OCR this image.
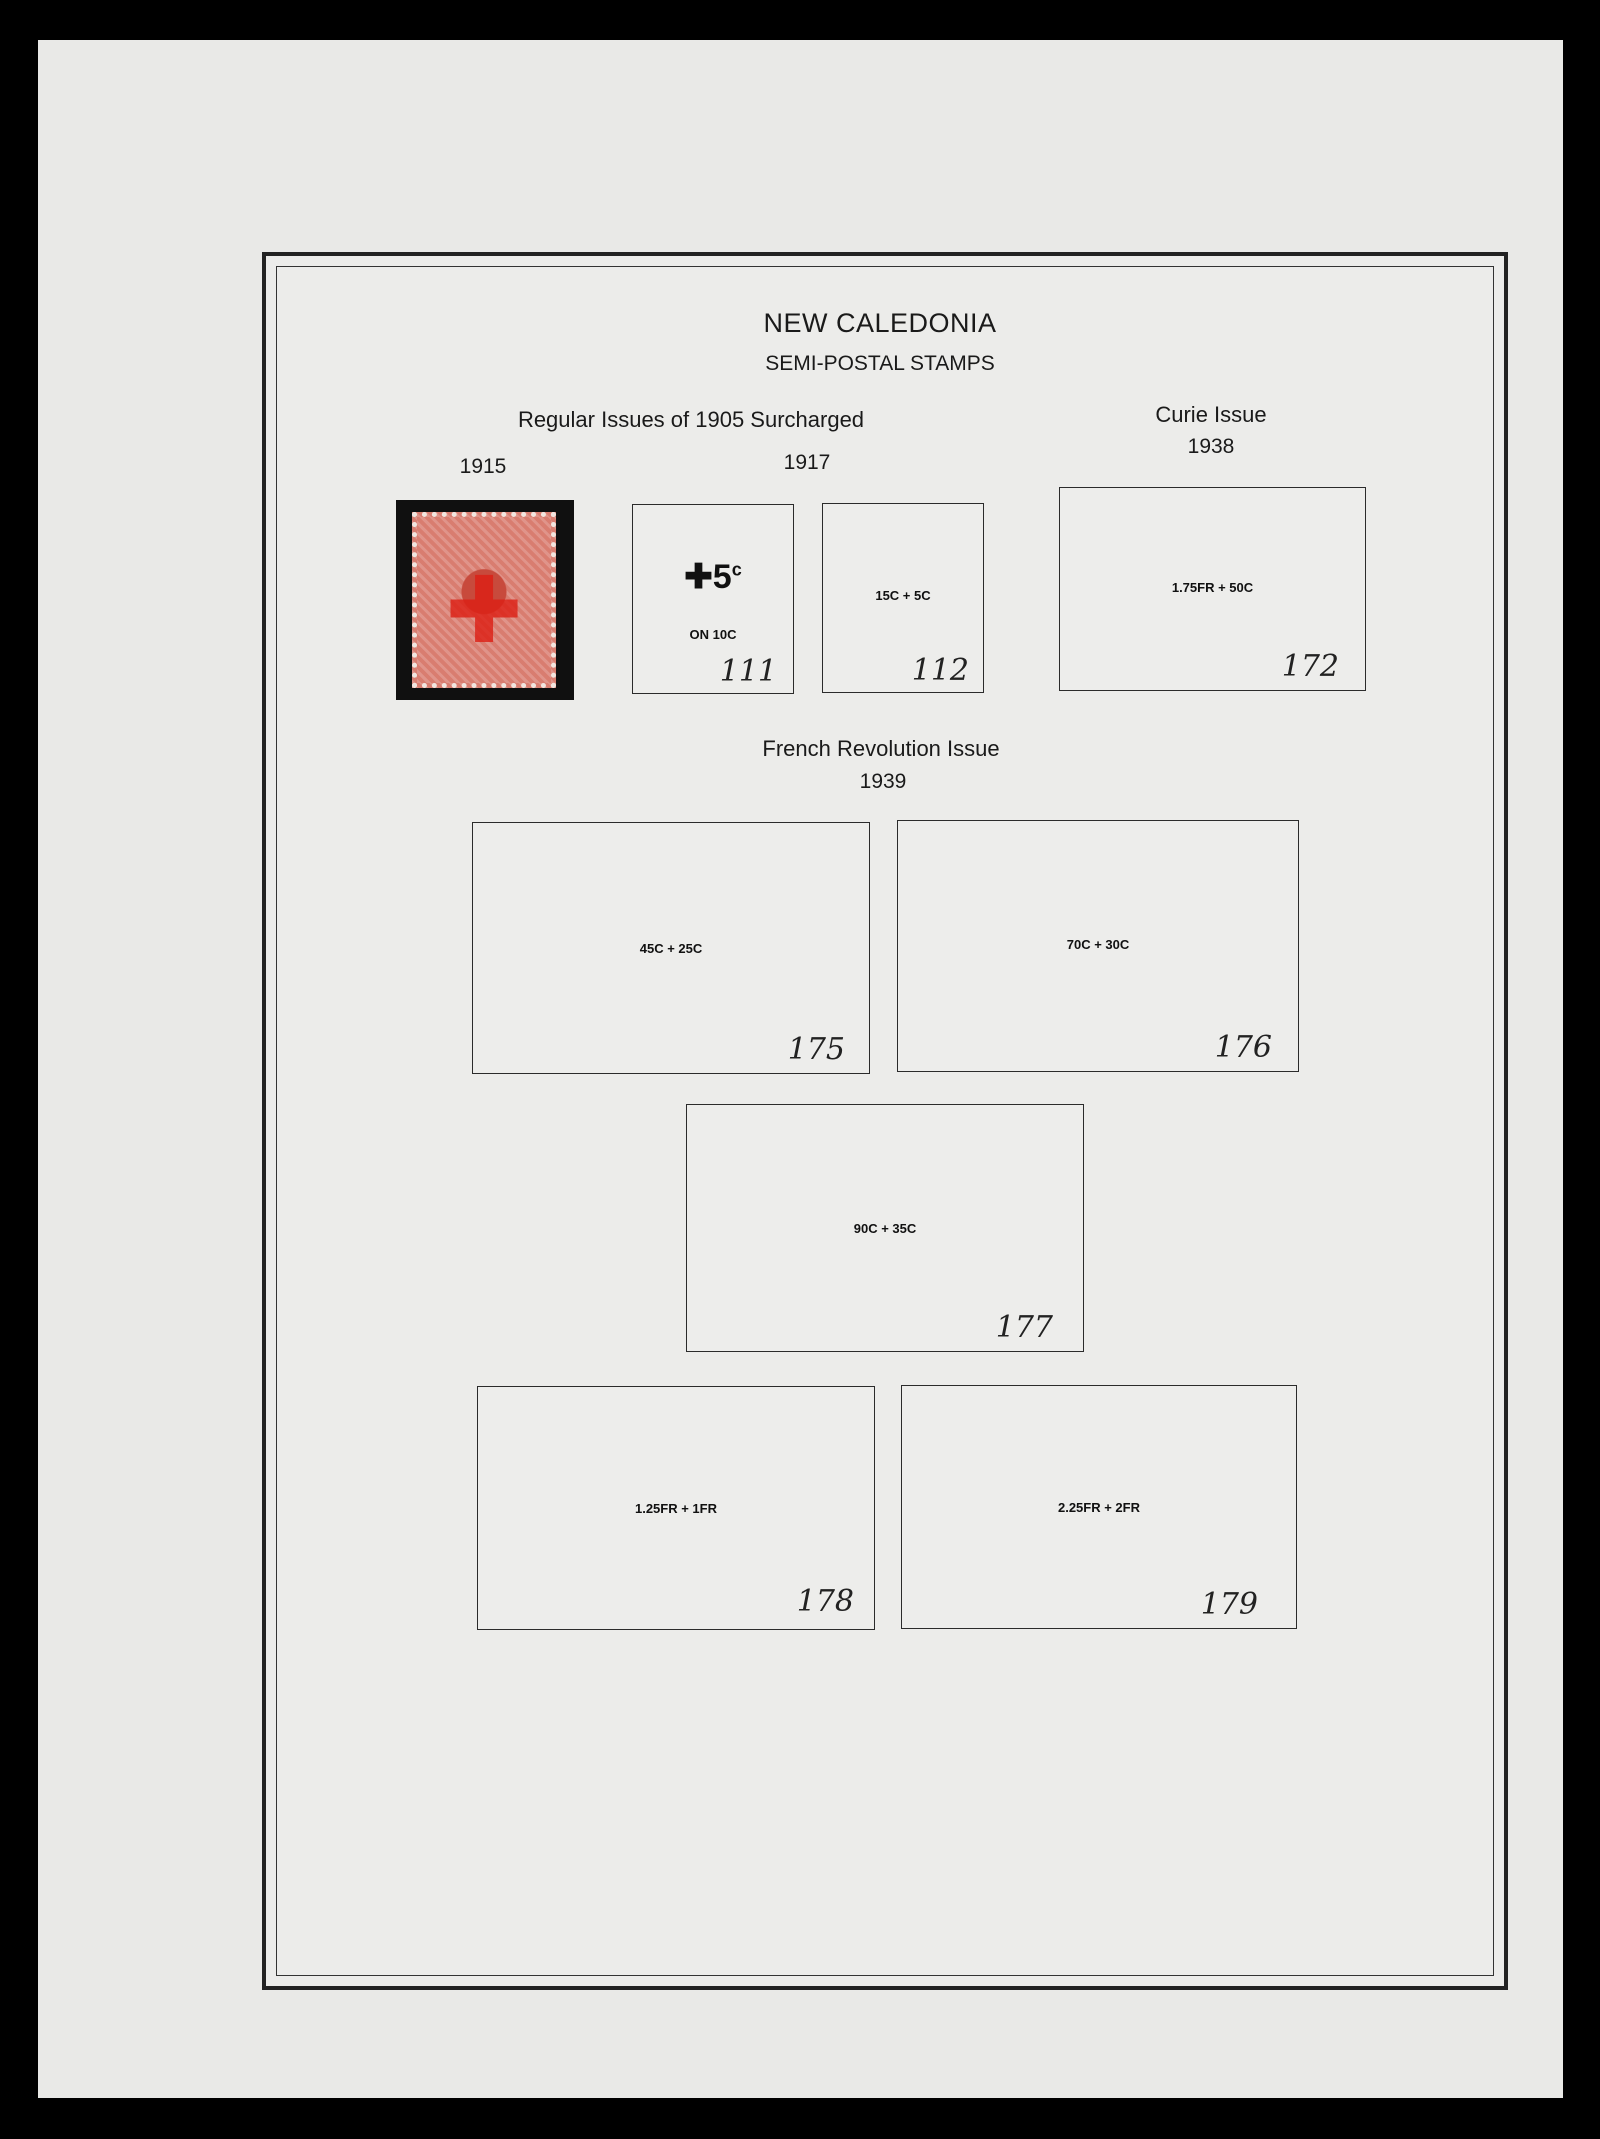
NEW CALEDONIA
SEMI-POSTAL STAMPS
Regular Issues of 1905 Surcharged
1915	1917
Curie Issue
1938
✚	✚5$^c$
ON 10C
111
15C + 5C
112
1.75FR + 50C
172
French Revolution Issue
1939
45C + 25C
175
70C + 30C
176
90C + 35C
177
1.25FR + 1FR
178
2.25FR + 2FR
179
